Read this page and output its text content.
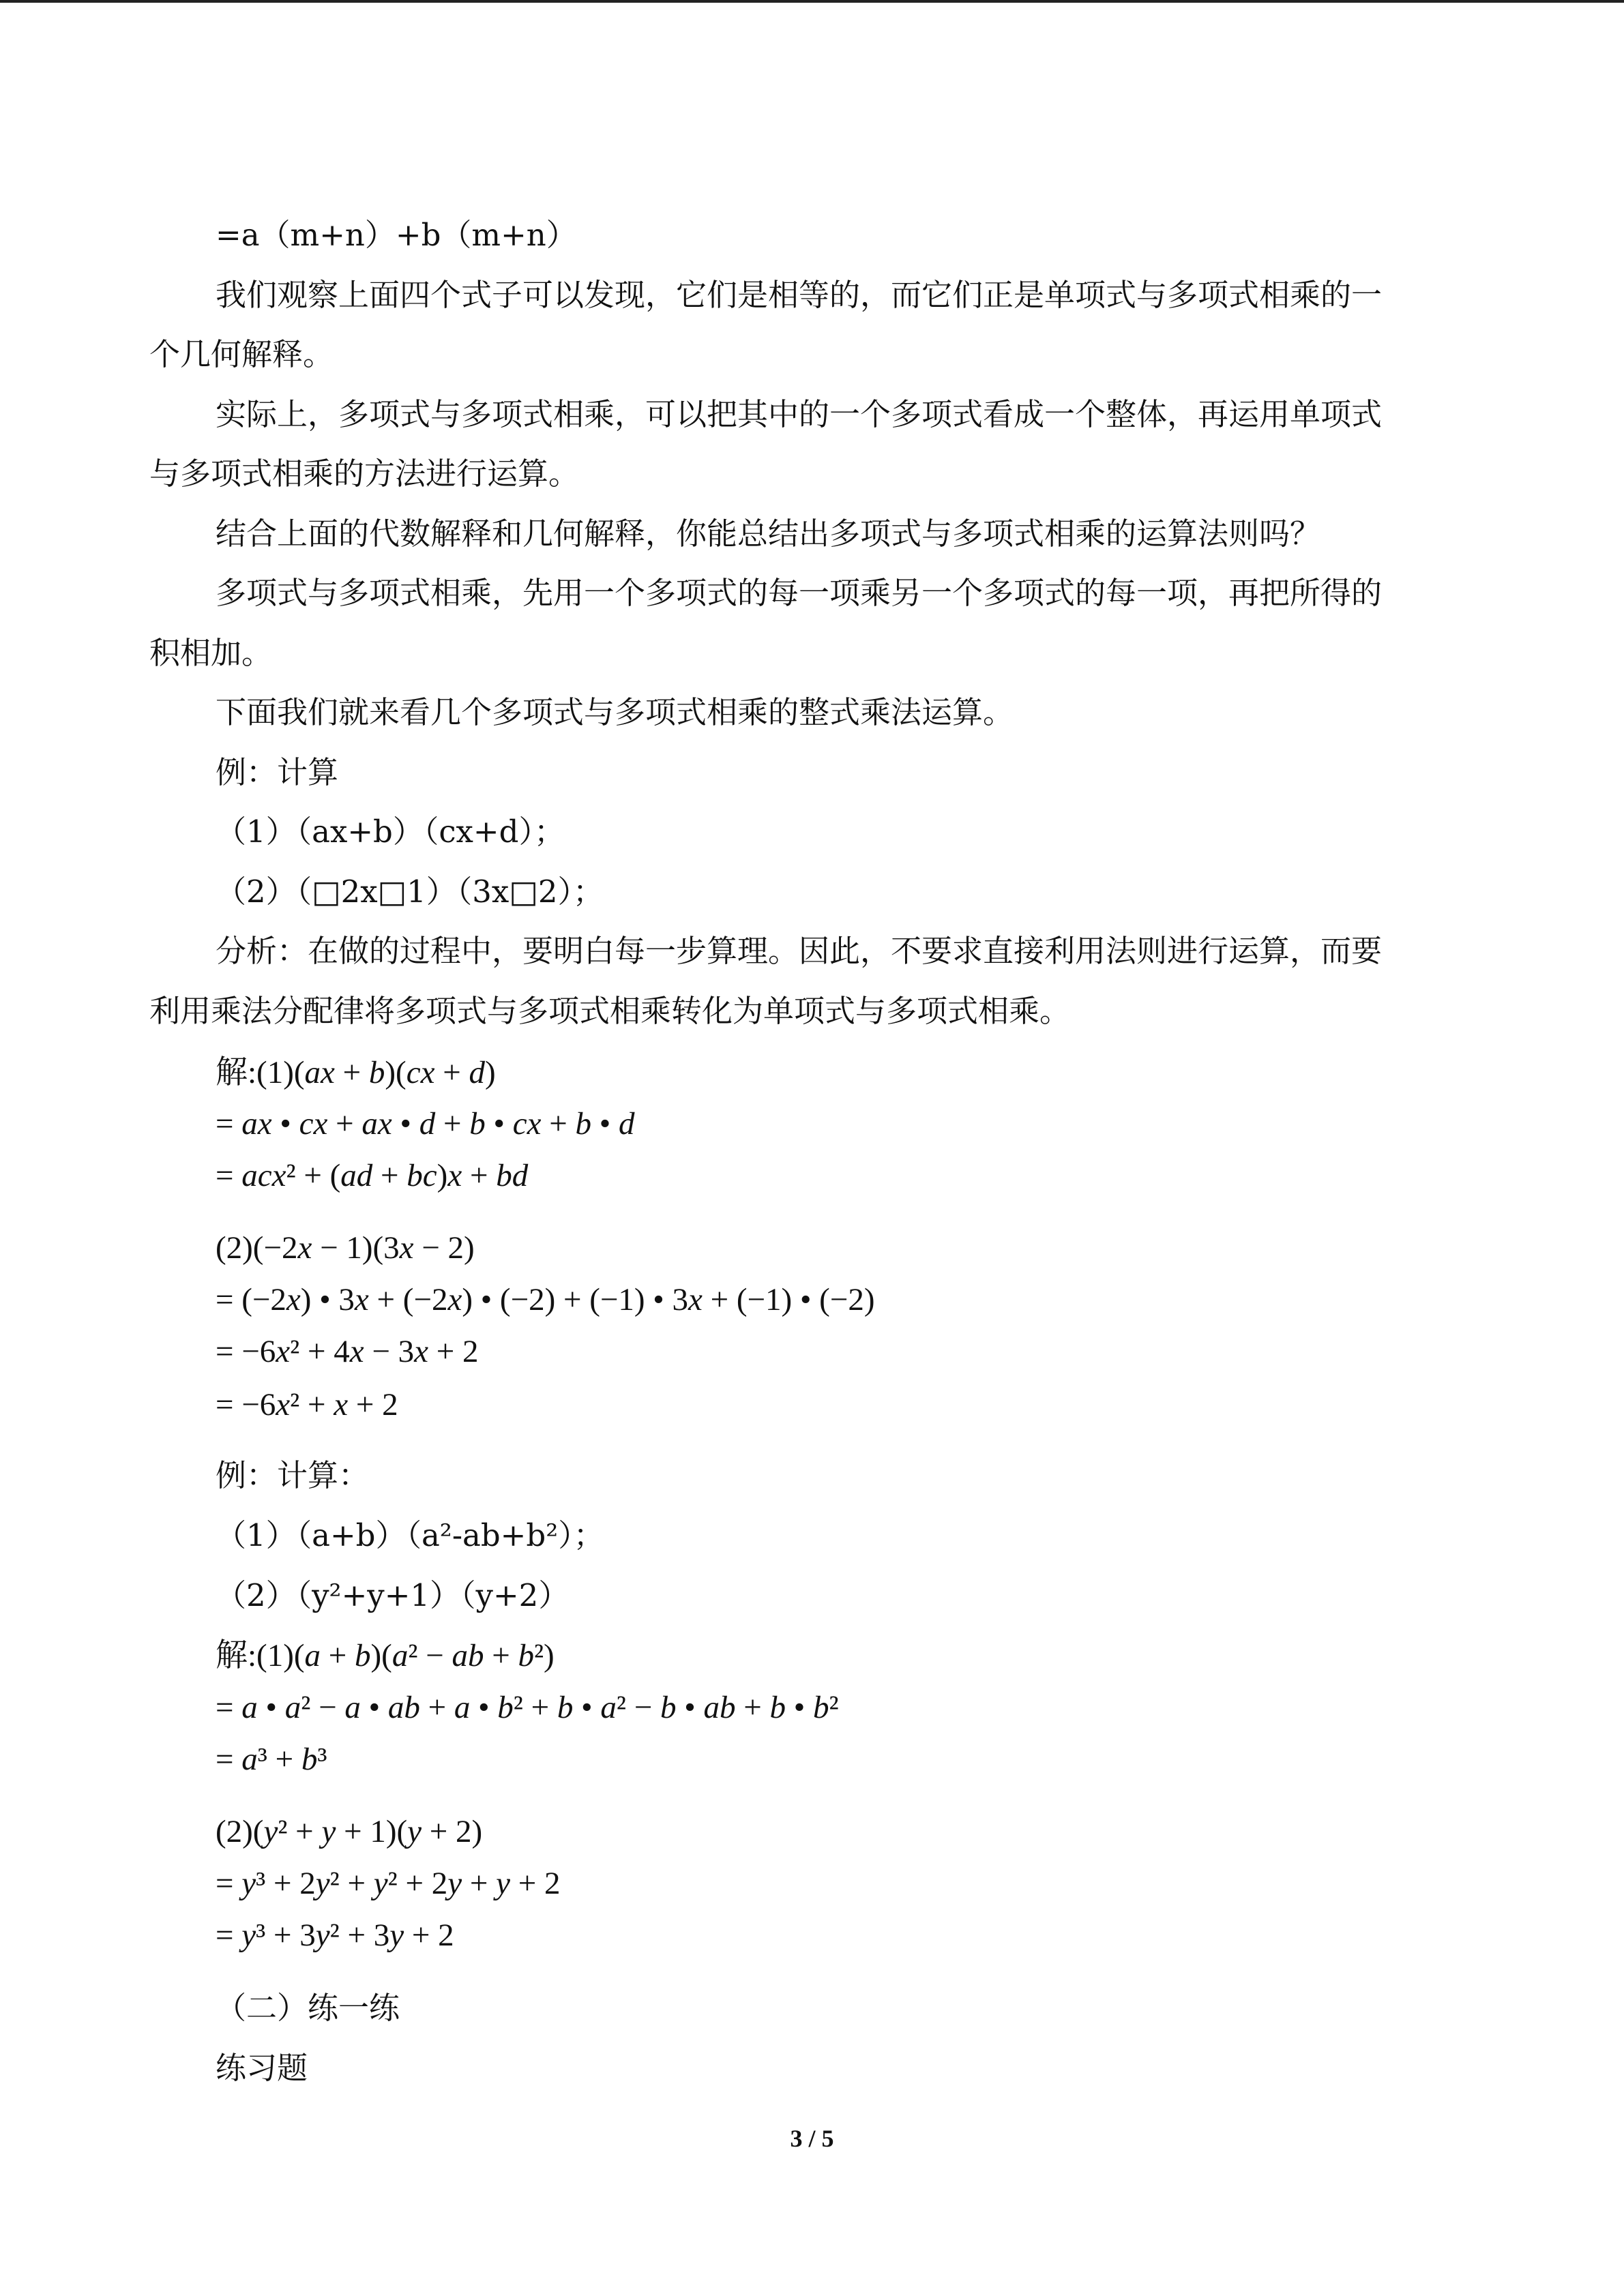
=a（m+n）+b（m+n）
我们观察上面四个式子可以发现，它们是相等的，而它们正是单项式与多项式相乘的一
个几何解释。
实际上，多项式与多项式相乘，可以把其中的一个多项式看成一个整体，再运用单项式
与多项式相乘的方法进行运算。
结合上面的代数解释和几何解释，你能总结出多项式与多项式相乘的运算法则吗？
多项式与多项式相乘，先用一个多项式的每一项乘另一个多项式的每一项，再把所得的
积相加。
下面我们就来看几个多项式与多项式相乘的整式乘法运算。
例：计算
（1）（ax+b）（cx+d）；
（2）（□2x□1）（3x□2）；
分析：在做的过程中，要明白每一步算理。因此，不要求直接利用法则进行运算，而要
利用乘法分配律将多项式与多项式相乘转化为单项式与多项式相乘。
解:(1)(ax + b)(cx + d)
= ax • cx + ax • d + b • cx + b • d
= acx² + (ad + bc)x + bd
(2)(−2x − 1)(3x − 2)
= (−2x) • 3x + (−2x) • (−2) + (−1) • 3x + (−1) • (−2)
= −6x² + 4x − 3x + 2
= −6x² + x + 2
例：计算：
（1）（a+b）（a²-ab+b²）；
（2）（y²+y+1）（y+2）
解:(1)(a + b)(a² − ab + b²)
= a • a² − a • ab + a • b² + b • a² − b • ab + b • b²
= a³ + b³
(2)(y² + y + 1)(y + 2)
= y³ + 2y² + y² + 2y + y + 2
= y³ + 3y² + 3y + 2
（二）练一练
练习题
3 / 5
